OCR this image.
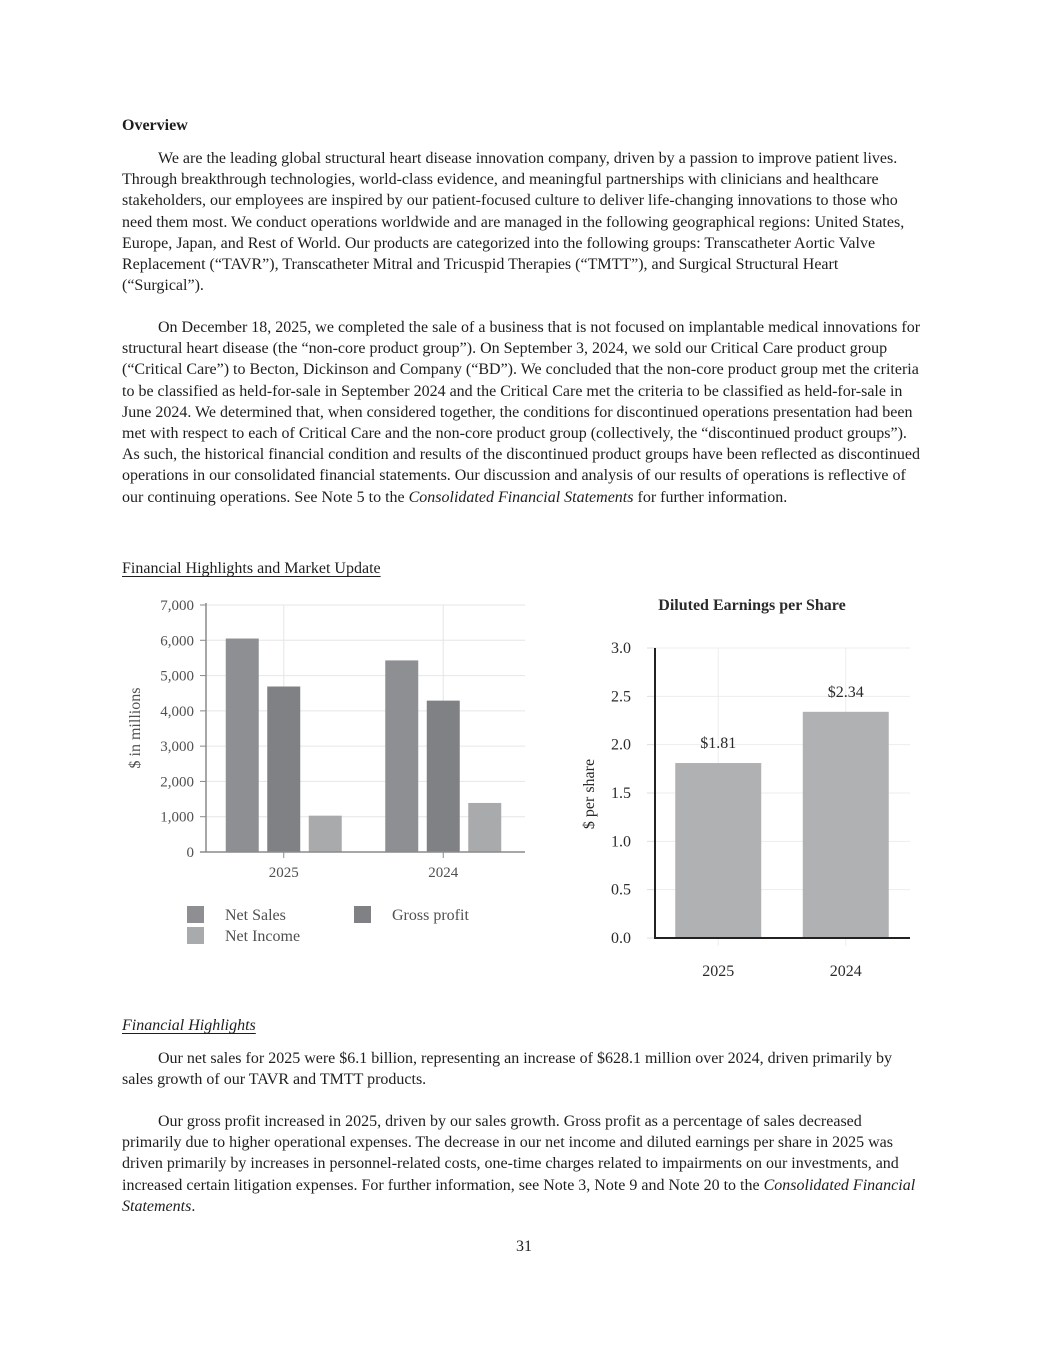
Overview

We are the leading global structural heart disease innovation company, driven by a passion to improve patient lives. Through breakthrough technologies, world-class evidence, and meaningful partnerships with clinicians and healthcare stakeholders, our employees are inspired by our patient-focused culture to deliver life-changing innovations to those who need them most. We conduct operations worldwide and are managed in the following geographical regions: United States, Europe, Japan, and Rest of World. Our products are categorized into the following groups: Transcatheter Aortic Valve Replacement (“TAVR”), Transcatheter Mitral and Tricuspid Therapies (“TMTT”), and Surgical Structural Heart (“Surgical”).

On December 18, 2025, we completed the sale of a business that is not focused on implantable medical innovations for structural heart disease (the “non-core product group”). On September 3, 2024, we sold our Critical Care product group (“Critical Care”) to Becton, Dickinson and Company (“BD”). We concluded that the non-core product group met the criteria to be classified as held-for-sale in September 2024 and the Critical Care met the criteria to be classified as held-for-sale in June 2024. We determined that, when considered together, the conditions for discontinued operations presentation had been met with respect to each of Critical Care and the non-core product group (collectively, the “discontinued product groups”). As such, the historical financial condition and results of the discontinued product groups have been reflected as discontinued operations in our consolidated financial statements. Our discussion and analysis of our results of operations is reflective of our continuing operations. See Note 5 to the Consolidated Financial Statements for further information.

Financial Highlights and Market Update
0
1,000
2,000
3,000
4,000
5,000
6,000
7,000
2025	2024
$ in millions
Net Sales	Gross profit
Net Income
Diluted Earnings per Share
$1.81
$2.34
0.0
0.5
1.0
1.5
2.0
2.5
3.0
2025	2024
$ per share
Financial Highlights

Our net sales for 2025 were $6.1 billion, representing an increase of $628.1 million over 2024, driven primarily by sales growth of our TAVR and TMTT products.

Our gross profit increased in 2025, driven by our sales growth. Gross profit as a percentage of sales decreased primarily due to higher operational expenses. The decrease in our net income and diluted earnings per share in 2025 was driven primarily by increases in personnel-related costs, one-time charges related to impairments on our investments, and increased certain litigation expenses. For further information, see Note 3, Note 9 and Note 20 to the Consolidated Financial Statements.

31
